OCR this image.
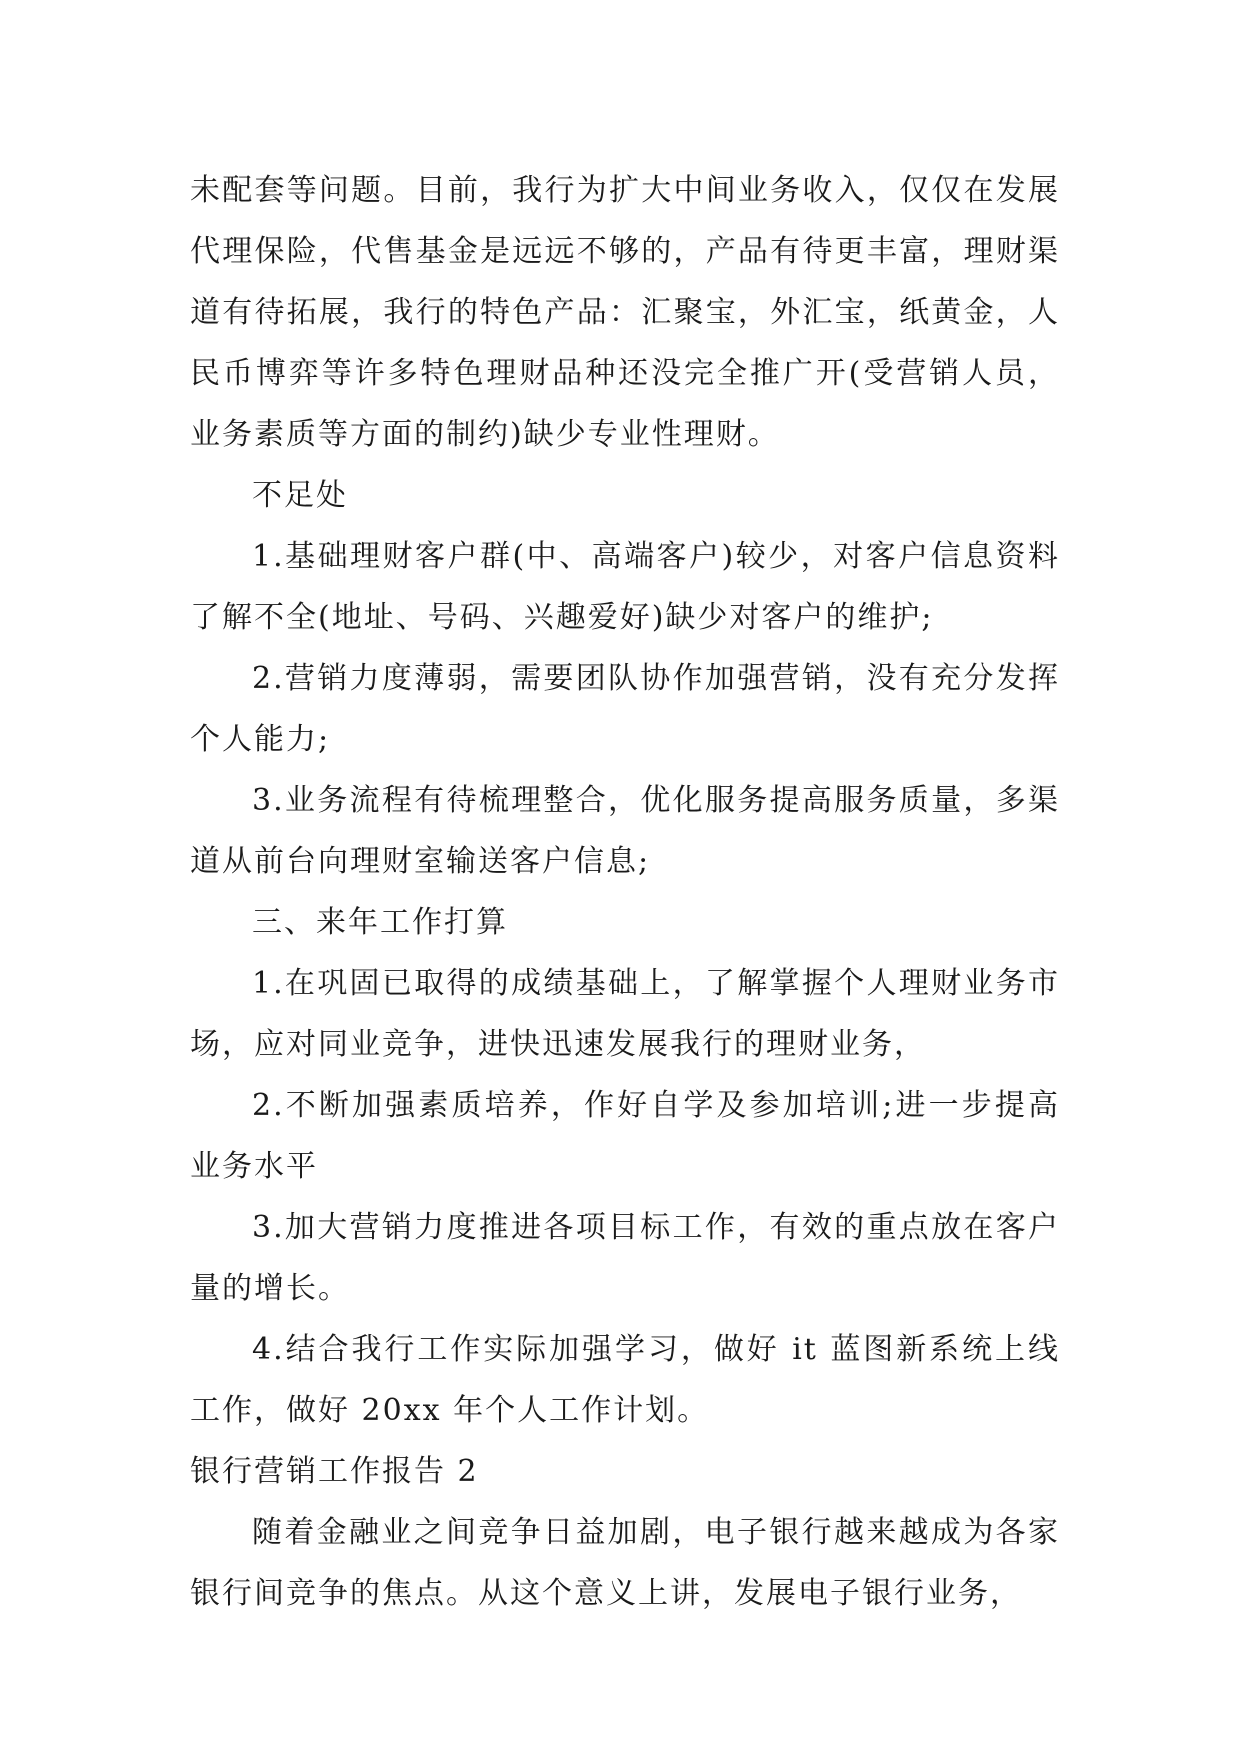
未配套等问题。目前，我行为扩大中间业务收入，仅仅在发展代理保险，代售基金是远远不够的，产品有待更丰富，理财渠道有待拓展，我行的特色产品：汇聚宝，外汇宝，纸黄金，人民币博弈等许多特色理财品种还没完全推广开(受营销人员，业务素质等方面的制约)缺少专业性理财。

不足处

1.基础理财客户群(中、高端客户)较少，对客户信息资料了解不全(地址、号码、兴趣爱好)缺少对客户的维护;

2.营销力度薄弱，需要团队协作加强营销，没有充分发挥个人能力;

3.业务流程有待梳理整合，优化服务提高服务质量，多渠道从前台向理财室输送客户信息;

三、来年工作打算

1.在巩固已取得的成绩基础上，了解掌握个人理财业务市场，应对同业竞争，进快迅速发展我行的理财业务，

2.不断加强素质培养，作好自学及参加培训;进一步提高业务水平

3.加大营销力度推进各项目标工作，有效的重点放在客户量的增长。

4.结合我行工作实际加强学习，做好 it 蓝图新系统上线工作，做好 20xx 年个人工作计划。

银行营销工作报告 2

随着金融业之间竞争日益加剧，电子银行越来越成为各家银行间竞争的焦点。从这个意义上讲，发展电子银行业务，
